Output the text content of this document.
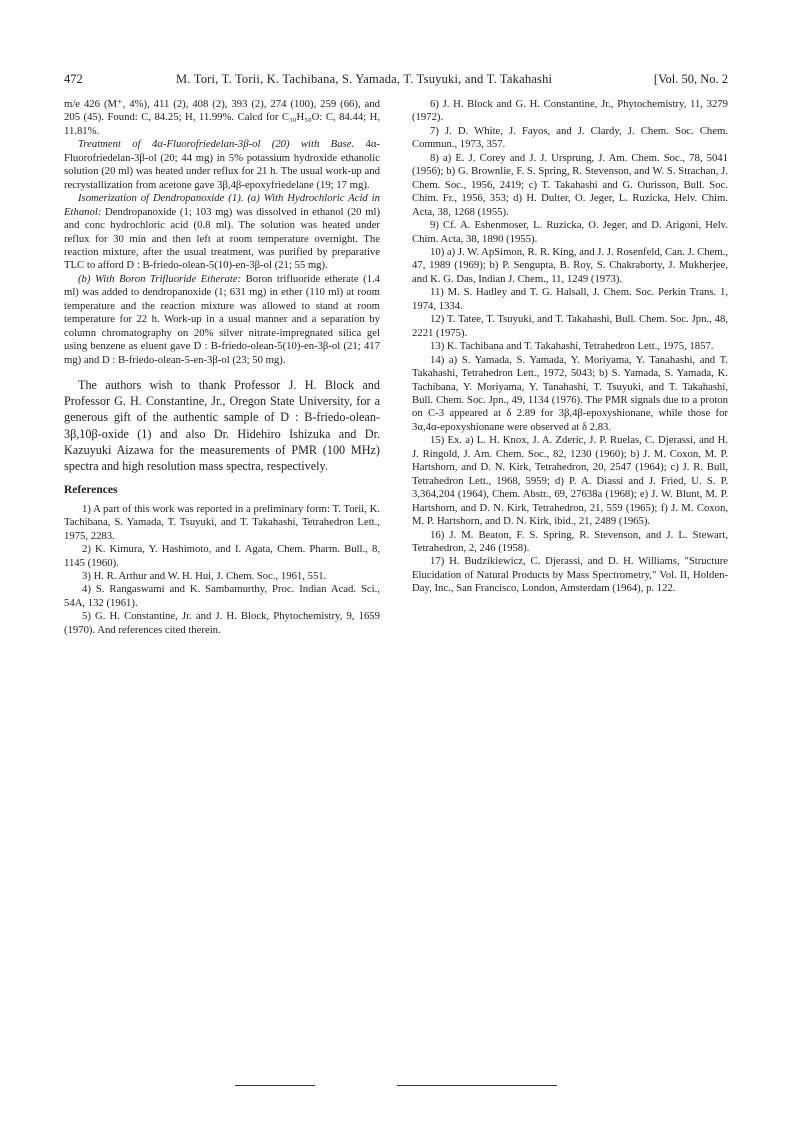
472	M. Tori, T. Torii, K. Tachibana, S. Yamada, T. Tsuyuki, and T. Takahashi	[Vol. 50, No. 2

m/e 426 (M⁺, 4%), 411 (2), 408 (2), 393 (2), 274 (100), 259 (66), and 205 (45). Found: C, 84.25; H, 11.99%. Calcd for C₃₀H₅₀O: C, 84.44; H, 11.81%.

Treatment of 4α-Fluorofriedelan-3β-ol (20) with Base. 4α-Fluorofriedelan-3β-ol (20; 44 mg) in 5% potassium hydroxide ethanolic solution (20 ml) was heated under reflux for 21 h. The usual work-up and recrystallization from acetone gave 3β,4β-epoxyfriedelane (19; 17 mg).

Isomerization of Dendropanoxide (1). (a) With Hydrochloric Acid in Ethanol: Dendropanoxide (1; 103 mg) was dissolved in ethanol (20 ml) and conc hydrochloric acid (0.8 ml). The solution was heated under reflux for 30 min and then left at room temperature overnight. The reaction mixture, after the usual treatment, was purified by preparative TLC to afford D : B-friedo-olean-5(10)-en-3β-ol (21; 55 mg).

(b) With Boron Trifluoride Etherate: Boron trifluoride etherate (1.4 ml) was added to dendropanoxide (1; 631 mg) in ether (110 ml) at room temperature and the reaction mixture was allowed to stand at room temperature for 22 h. Work-up in a usual manner and a separation by column chromatography on 20% silver nitrate-impregnated silica gel using benzene as eluent gave D : B-friedo-olean-5(10)-en-3β-ol (21; 417 mg) and D : B-friedo-olean-5-en-3β-ol (23; 50 mg).

The authors wish to thank Professor J. H. Block and Professor G. H. Constantine, Jr., Oregon State University, for a generous gift of the authentic sample of D : B-friedo-olean-3β,10β-oxide (1) and also Dr. Hidehiro Ishizuka and Dr. Kazuyuki Aizawa for the measurements of PMR (100 MHz) spectra and high resolution mass spectra, respectively.

References

1) A part of this work was reported in a preliminary form: T. Torii, K. Tachibana, S. Yamada, T. Tsuyuki, and T. Takahashi, Tetrahedron Lett., 1975, 2283.

2) K. Kimura, Y. Hashimoto, and I. Agata, Chem. Pharm. Bull., 8, 1145 (1960).

3) H. R. Arthur and W. H. Hui, J. Chem. Soc., 1961, 551.

4) S. Rangaswami and K. Sambamurthy, Proc. Indian Acad. Sci., 54A, 132 (1961).

5) G. H. Constantine, Jr. and J. H. Block, Phytochemistry, 9, 1659 (1970). And references cited therein.

6) J. H. Block and G. H. Constantine, Jr., Phytochemistry, 11, 3279 (1972).

7) J. D. White, J. Fayos, and J. Clardy, J. Chem. Soc. Chem. Commun., 1973, 357.

8) a) E. J. Corey and J. J. Ursprung, J. Am. Chem. Soc., 78, 5041 (1956); b) G. Brownlie, F. S. Spring, R. Stevenson, and W. S. Strachan, J. Chem. Soc., 1956, 2419; c) T. Takahashi and G. Ourisson, Bull. Soc. Chim. Fr., 1956, 353; d) H. Dulter, O. Jeger, L. Ruzicka, Helv. Chim. Acta, 38, 1268 (1955).

9) Cf. A. Eshenmoser, L. Ruzicka, O. Jeger, and D. Arigoni, Helv. Chim. Acta, 38, 1890 (1955).

10) a) J. W. ApSimon, R. R. King, and J. J. Rosenfeld, Can. J. Chem., 47, 1989 (1969); b) P. Sengupta, B. Roy, S. Chakraborty, J. Mukherjee, and K. G. Das, Indian J. Chem., 11, 1249 (1973).

11) M. S. Hadley and T. G. Halsall, J. Chem. Soc. Perkin Trans. 1, 1974, 1334.

12) T. Tatee, T. Tsuyuki, and T. Takahashi, Bull. Chem. Soc. Jpn., 48, 2221 (1975).

13) K. Tachibana and T. Takahashi, Tetrahedron Lett., 1975, 1857.

14) a) S. Yamada, S. Yamada, Y. Moriyama, Y. Tanahashi, and T. Takahashi, Tetrahedron Lett., 1972, 5043; b) S. Yamada, S. Yamada, K. Tachibana, Y. Moriyama, Y. Tanahashi, T. Tsuyuki, and T. Takahashi, Bull. Chem. Soc. Jpn., 49, 1134 (1976). The PMR signals due to a proton on C-3 appeared at δ 2.89 for 3β,4β-epoxyshionane, while those for 3α,4α-epoxyshionane were observed at δ 2.83.

15) Ex. a) L. H. Knox, J. A. Zderic, J. P. Ruelas, C. Djerassi, and H. J. Ringold, J. Am. Chem. Soc., 82, 1230 (1960); b) J. M. Coxon, M. P. Hartshorn, and D. N. Kirk, Tetrahedron, 20, 2547 (1964); c) J. R. Bull, Tetrahedron Lett., 1968, 5959; d) P. A. Diassi and J. Fried, U. S. P. 3,364,204 (1964), Chem. Abstr., 69, 27638a (1968); e) J. W. Blunt, M. P. Hartshorn, and D. N. Kirk, Tetrahedron, 21, 559 (1965); f) J. M. Coxon, M. P. Hartshorn, and D. N. Kirk, ibid., 21, 2489 (1965).

16) J. M. Beaton, F. S. Spring, R. Stevenson, and J. L. Stewart, Tetrahedron, 2, 246 (1958).

17) H. Budzikiewicz, C. Djerassi, and D. H. Williams, "Structure Elucidation of Natural Products by Mass Spectrometry," Vol. II, Holden-Day, Inc., San Francisco, London, Amsterdam (1964), p. 122.
